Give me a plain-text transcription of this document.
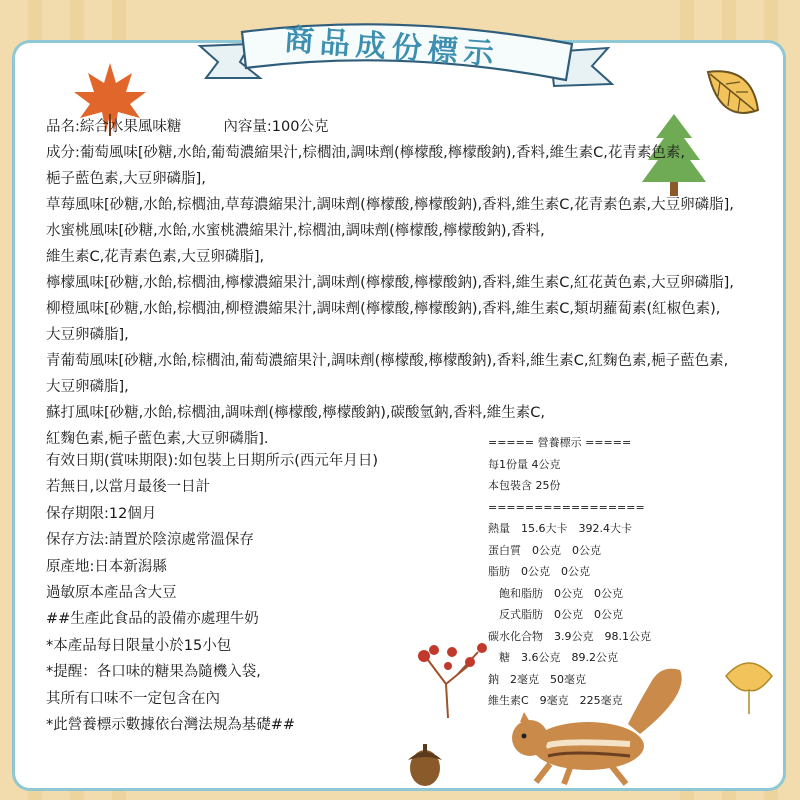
商品成份標示
品名:綜合水果風味糖	內容量:100公克
成分:葡萄風味[砂糖,水飴,葡萄濃縮果汁,棕櫚油,調味劑(檸檬酸,檸檬酸鈉),香料,維生素C,花青素色素,
梔子藍色素,大豆卵磷脂],
草莓風味[砂糖,水飴,棕櫚油,草莓濃縮果汁,調味劑(檸檬酸,檸檬酸鈉),香料,維生素C,花青素色素,大豆卵磷脂],
水蜜桃風味[砂糖,水飴,水蜜桃濃縮果汁,棕櫚油,調味劑(檸檬酸,檸檬酸鈉),香料,
維生素C,花青素色素,大豆卵磷脂],
檸檬風味[砂糖,水飴,棕櫚油,檸檬濃縮果汁,調味劑(檸檬酸,檸檬酸鈉),香料,維生素C,紅花黃色素,大豆卵磷脂],
柳橙風味[砂糖,水飴,棕櫚油,柳橙濃縮果汁,調味劑(檸檬酸,檸檬酸鈉),香料,維生素C,類胡蘿蔔素(紅椒色素),
大豆卵磷脂],
青葡萄風味[砂糖,水飴,棕櫚油,葡萄濃縮果汁,調味劑(檸檬酸,檸檬酸鈉),香料,維生素C,紅麴色素,梔子藍色素,
大豆卵磷脂],
蘇打風味[砂糖,水飴,棕櫚油,調味劑(檸檬酸,檸檬酸鈉),碳酸氫鈉,香料,維生素C,
紅麴色素,梔子藍色素,大豆卵磷脂].
有效日期(賞味期限):如包裝上日期所示(西元年月日)
若無日,以當月最後一日計
保存期限:12個月
保存方法:請置於陰涼處常溫保存
原產地:日本新潟縣
過敏原本產品含大豆
##生產此食品的設備亦處理牛奶
*本產品每日限量小於15小包
*提醒：各口味的糖果為隨機入袋,
其所有口味不一定包含在內
*此營養標示數據依台灣法規為基礎##
===== 營養標示 =====
每1份量 4公克
本包裝含 25份
=================
熱量　15.6大卡　392.4大卡
蛋白質　0公克　0公克
脂肪　0公克　0公克
　飽和脂肪　0公克　0公克
　反式脂肪　0公克　0公克
碳水化合物　3.9公克　98.1公克
　糖　3.6公克　89.2公克
鈉　2毫克　50毫克
維生素C　9毫克　225毫克
